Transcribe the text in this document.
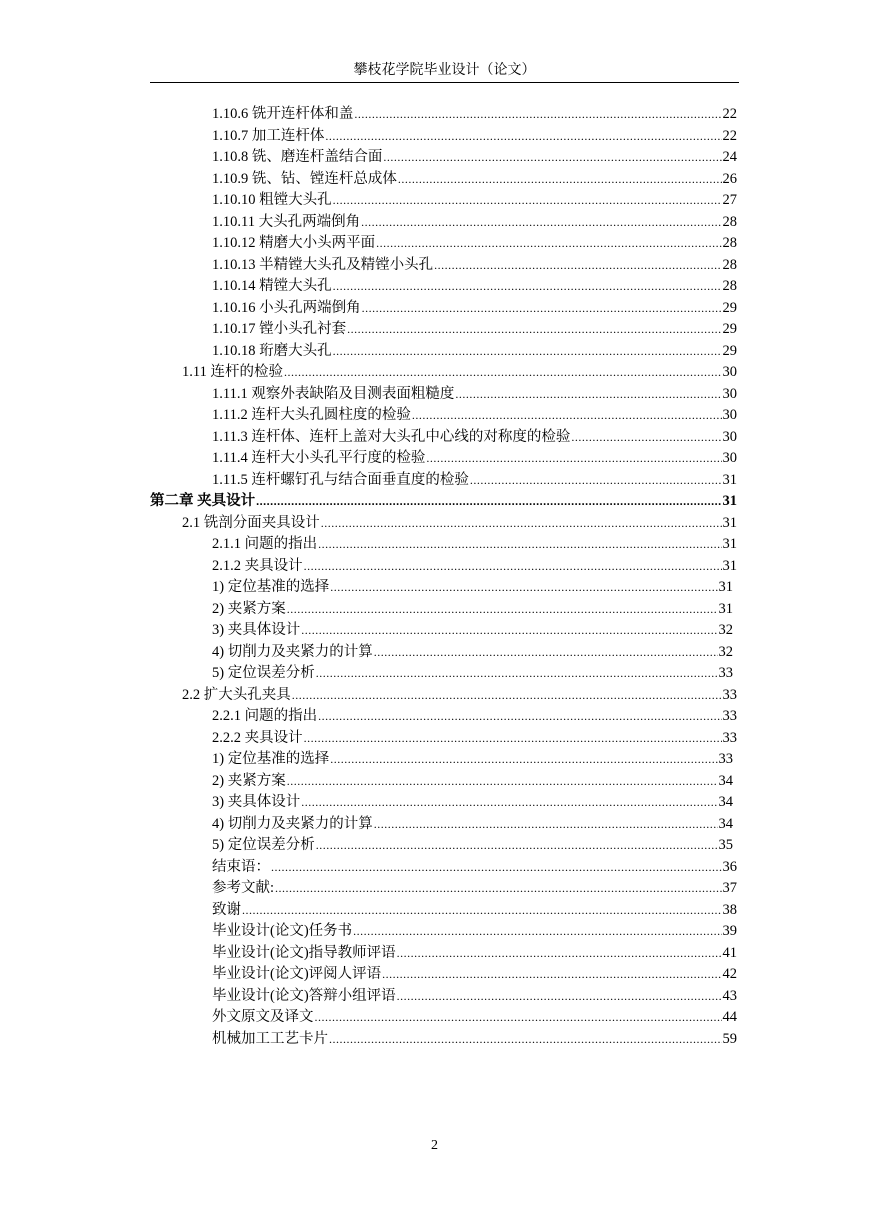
攀枝花学院毕业设计（论文）
1.10.6 铣开连杆体和盖 .....	22
1.10.7 加工连杆体 .....	22
1.10.8 铣、磨连杆盖结合面 .....	24
1.10.9 铣、钻、镗连杆总成体 .....	26
1.10.10 粗镗大头孔 .....	27
1.10.11 大头孔两端倒角 .....	28
1.10.12 精磨大小头两平面 .....	28
1.10.13 半精镗大头孔及精镗小头孔 .....	28
1.10.14 精镗大头孔 .....	28
1.10.16 小头孔两端倒角 .....	29
1.10.17 镗小头孔衬套 .....	29
1.10.18 珩磨大头孔 .....	29
1.11 连杆的检验 .....	30
1.11.1 观察外表缺陷及目测表面粗糙度 .....	30
1.11.2 连杆大头孔圆柱度的检验 .....	30
1.11.3 连杆体、连杆上盖对大头孔中心线的对称度的检验 .....	30
1.11.4 连杆大小头孔平行度的检验 .....	30
1.11.5 连杆螺钉孔与结合面垂直度的检验 .....	31
第二章 夹具设计 .....	31
2.1 铣剖分面夹具设计 .....	31
2.1.1 问题的指出 .....	31
2.1.2 夹具设计 .....	31
1) 定位基准的选择 .....	31
2) 夹紧方案 .....	31
3) 夹具体设计 .....	32
4) 切削力及夹紧力的计算 .....	32
5) 定位误差分析 .....	33
2.2 扩大头孔夹具 .....	33
2.2.1 问题的指出 .....	33
2.2.2 夹具设计 .....	33
1) 定位基准的选择 .....	33
2) 夹紧方案 .....	34
3) 夹具体设计 .....	34
4) 切削力及夹紧力的计算 .....	34
5) 定位误差分析 .....	35
结束语： .....	36
参考文献: .....	37
致谢 .....	38
毕业设计(论文)任务书 .....	39
毕业设计(论文)指导教师评语 .....	41
毕业设计(论文)评阅人评语 .....	42
毕业设计(论文)答辩小组评语 .....	43
外文原文及译文 .....	44
机械加工工艺卡片 .....	59
2
